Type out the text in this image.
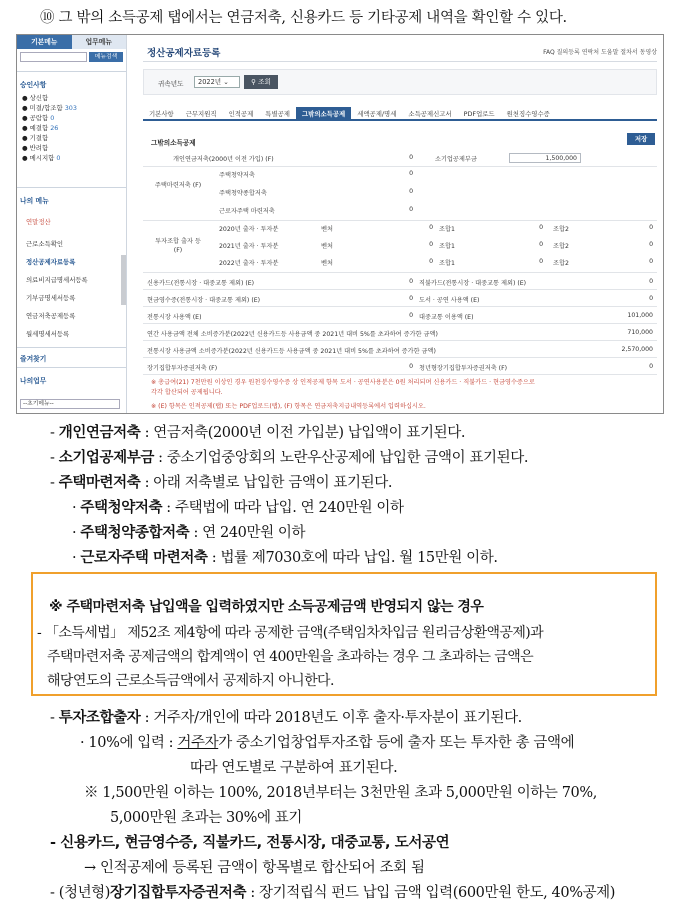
⑩ 그 밖의 소득공제 탭에서는 연금저축, 신용카드 등 기타공제 내역을 확인할 수 있다.
기본메뉴	업무메뉴
메뉴검색
승인사항
● 상신함
● 미결/합조함 303
● 공람함 0
● 예결함 26
● 기결함
● 반려함
● 메시지함 0
나의 메뉴
연말정산
근로소득확인
정산공제자료등록
의료비지급명세서등록
기부금명세서등록
연금저축공제등록
월세명세서등록
즐겨찾기
나의업무
--초기메뉴--
정산공제자료등록	FAQ 질의등록 연락처 도움말 절차서 동영상
귀속년도	2022년 ⌄	⚲ 조회
기본사항	근무지원직	인적공제	특별공제	그밖의소득공제	세액공제/명세	소득공제신고서	PDF업로드	원천징수영수증
그밖의소득공제	저장
개인연금저축(2000년 이전 가입) (F)	0	소기업공제부금	1,500,000
주택마련저축 (F)
주택청약저축	0
주택청약종합저축	0
근로자주택 마련저축	0
투자조합 출자 등 (F)
2020년 출자 · 투자분	벤처	0 조합1	0 조합2	0
2021년 출자 · 투자분	벤처	0 조합1	0 조합2	0
2022년 출자 · 투자분	벤처	0 조합1	0 조합2	0
신용카드(전통시장 · 대중교통 제외) (E)	0 직불카드(전통시장 · 대중교통 제외) (E)	0
현금영수증(전통시장 · 대중교통 제외) (E)	0 도서 · 공연 사용액 (E)	0
전통시장 사용액 (E)	0 대중교통 이용액 (E)	101,000
연간 사용금액 전체 소비증가분(2022년 신용카드등 사용금액 중 2021년 대비 5%를 초과하여 증가한 금액)	710,000
전통시장 사용금액 소비증가분(2022년 신용카드등 사용금액 중 2021년 대비 5%를 초과하여 증가한 금액)	2,570,000
장기집합투자증권저축 (F)	0 청년형장기집합투자증권저축 (F)	0
※ 총급여(21) 7천만원 이상인 경우 원천징수영수증 상 인적공제 항목 도서 · 공연사용분은 0원 처리되며 신용카드 · 직불카드 · 현금영수증으로
각각 합산되어 공제됩니다.
※ (E) 항목은 인적공제(탭) 또는 PDF업로드(탭), (F) 항목은 연금저축지급내역등록에서 입력하십시오.
- 개인연금저축 : 연금저축(2000년 이전 가입분) 납입액이 표기된다.
- 소기업공제부금 : 중소기업중앙회의 노란우산공제에 납입한 금액이 표기된다.
- 주택마련저축 : 아래 저축별로 납입한 금액이 표기된다.
· 주택청약저축 : 주택법에 따라 납입. 연 240만원 이하
· 주택청약종합저축 : 연 240만원 이하
· 근로자주택 마련저축 : 법률 제7030호에 따라 납입. 월 15만원 이하.
※ 주택마련저축 납입액을 입력하였지만 소득공제금액 반영되지 않는 경우
- 「소득세법」 제52조 제4항에 따라 공제한 금액(주택임차차입금 원리금상환액공제)과
주택마련저축 공제금액의 합계액이 연 400만원을 초과하는 경우 그 초과하는 금액은
해당연도의 근로소득금액에서 공제하지 아니한다.
- 투자조합출자 : 거주자/개인에 따라 2018년도 이후 출자·투자분이 표기된다.
· 10%에 입력 : 거주자가 중소기업창업투자조합 등에 출자 또는 투자한 총 금액에
따라 연도별로 구분하여 표기된다.
※ 1,500만원 이하는 100%, 2018년부터는 3천만원 초과 5,000만원 이하는 70%,
5,000만원 초과는 30%에 표기
- 신용카드, 현금영수증, 직불카드, 전통시장, 대중교통, 도서공연
→ 인적공제에 등록된 금액이 항목별로 합산되어 조회 됨
- (청년형)장기집합투자증권저축 : 장기적립식 펀드 납입 금액 입력(600만원 한도, 40%공제)
